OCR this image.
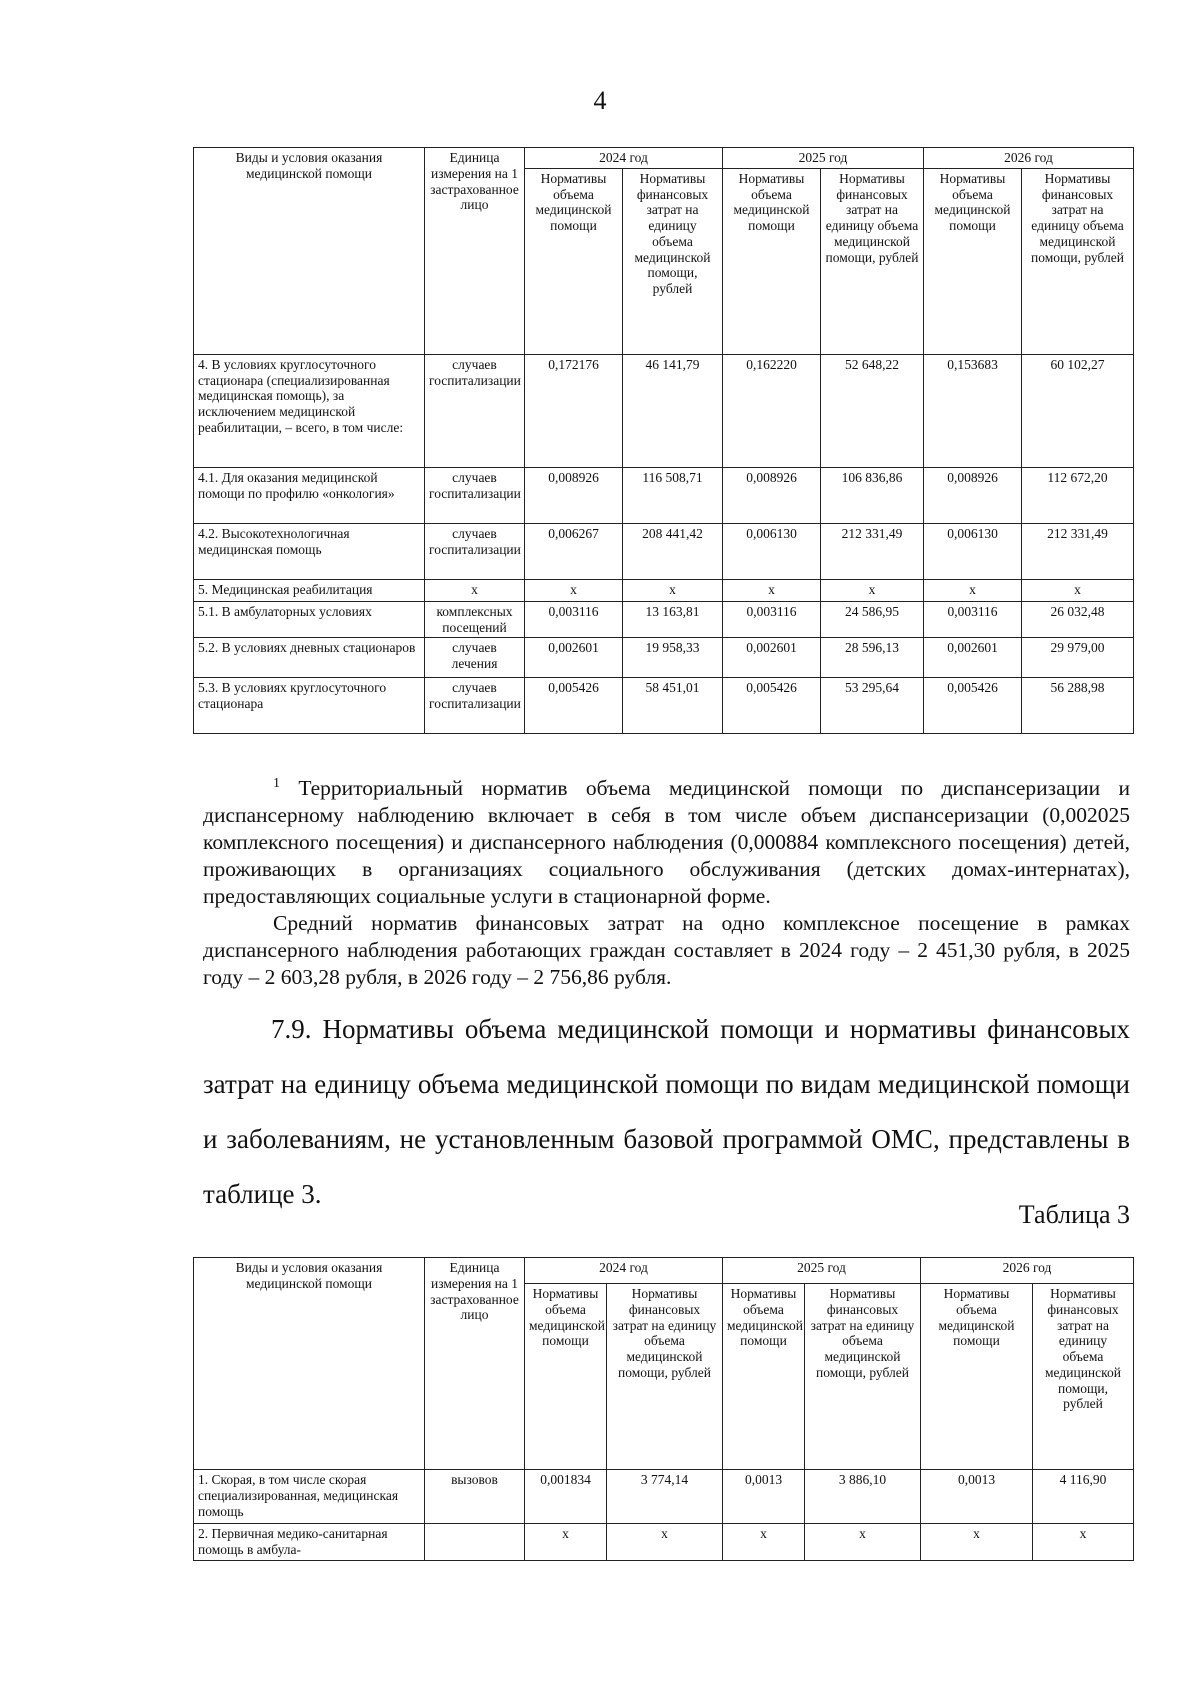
4
Виды и условия оказания медицинской помощи	Единица измерения на 1 застрахованное лицо	2024 год		2025 год		2026 год	
		Нормативы объема медицинской помощи	Нормативы финансовых затрат на единицу объема медицинской помощи, рублей	Нормативы объема медицинской помощи	Нормативы финансовых затрат на единицу объема медицинской помощи, рублей	Нормативы объема медицинской помощи	Нормативы финансовых затрат на единицу объема медицинской помощи, рублей
4. В условиях круглосуточного стационара (специализированная медицинская помощь), за исключением медицинской реабилитации, – всего, в том числе:	случаев госпитализации	0,172176	46 141,79	0,162220	52 648,22	0,153683	60 102,27
4.1. Для оказания медицинской помощи по профилю «онкология»	случаев госпитализации	0,008926	116 508,71	0,008926	106 836,86	0,008926	112 672,20
4.2. Высокотехнологичная медицинская помощь	случаев госпитализации	0,006267	208 441,42	0,006130	212 331,49	0,006130	212 331,49
5. Медицинская реабилитация	х	х	х	х	х	х	х
5.1. В амбулаторных условиях	комплексных посещений	0,003116	13 163,81	0,003116	24 586,95	0,003116	26 032,48
5.2. В условиях дневных стационаров	случаев лечения	0,002601	19 958,33	0,002601	28 596,13	0,002601	29 979,00
5.3. В условиях круглосуточного стационара	случаев госпитализации	0,005426	58 451,01	0,005426	53 295,64	0,005426	56 288,98

$^1$ Территориальный норматив объема медицинской помощи по диспансеризации и диспансерному наблюдению включает в себя в том числе объем диспансеризации (0,002025 комплексного посещения) и диспансерного наблюдения (0,000884 комплексного посещения) детей, проживающих в организациях социального обслуживания (детских домах-интернатах), предоставляющих социальные услуги в стационарной форме.

Средний норматив финансовых затрат на одно комплексное посещение в рамках диспансерного наблюдения работающих граждан составляет в 2024 году – 2 451,30 рубля, в 2025 году – 2 603,28 рубля, в 2026 году – 2 756,86 рубля.

7.9. Нормативы объема медицинской помощи и нормативы финансовых затрат на единицу объема медицинской помощи по видам медицинской помощи и заболеваниям, не установленным базовой программой ОМС, представлены в таблице 3.

Таблица 3
Виды и условия оказания медицинской помощи	Единица измерения на 1 застрахованное лицо	2024 год		2025 год		2026 год	
		Нормативы объема медицинской помощи	Нормативы финансовых затрат на единицу объема медицинской помощи, рублей	Нормативы объема медицинской помощи	Нормативы финансовых затрат на единицу объема медицинской помощи, рублей	Нормативы объема медицинской помощи	Нормативы финансовых затрат на единицу объема медицинской помощи, рублей
1. Скорая, в том числе скорая специализированная, медицинская помощь	вызовов	0,001834	3 774,14	0,0013	3 886,10	0,0013	4 116,90
2. Первичная медико-санитарная помощь в амбула-		х	х	х	х	х	х
